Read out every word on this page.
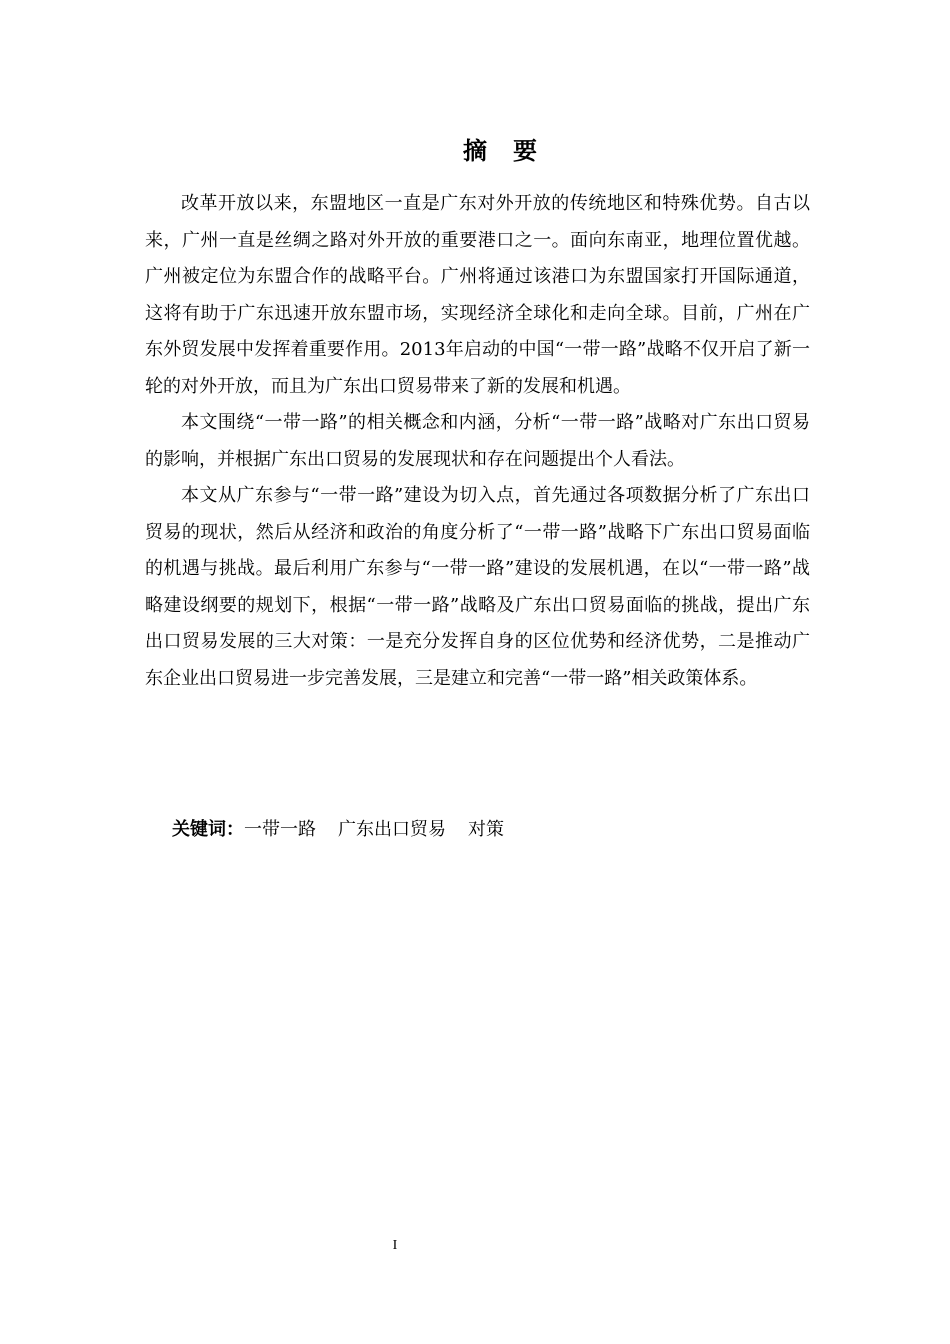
摘 要

改革开放以来，东盟地区一直是广东对外开放的传统地区和特殊优势。自古以来，广州一直是丝绸之路对外开放的重要港口之一。面向东南亚，地理位置优越。广州被定位为东盟合作的战略平台。广州将通过该港口为东盟国家打开国际通道，这将有助于广东迅速开放东盟市场，实现经济全球化和走向全球。目前，广州在广东外贸发展中发挥着重要作用。2013年启动的中国“一带一路”战略不仅开启了新一轮的对外开放，而且为广东出口贸易带来了新的发展和机遇。

本文围绕“一带一路”的相关概念和内涵，分析“一带一路”战略对广东出口贸易的影响，并根据广东出口贸易的发展现状和存在问题提出个人看法。

本文从广东参与“一带一路”建设为切入点，首先通过各项数据分析了广东出口贸易的现状，然后从经济和政治的角度分析了“一带一路”战略下广东出口贸易面临的机遇与挑战。最后利用广东参与“一带一路”建设的发展机遇，在以“一带一路”战略建设纲要的规划下，根据“一带一路”战略及广东出口贸易面临的挑战，提出广东出口贸易发展的三大对策：一是充分发挥自身的区位优势和经济优势，二是推动广东企业出口贸易进一步完善发展，三是建立和完善“一带一路”相关政策体系。

关键词：一带一路 广东出口贸易 对策
I
